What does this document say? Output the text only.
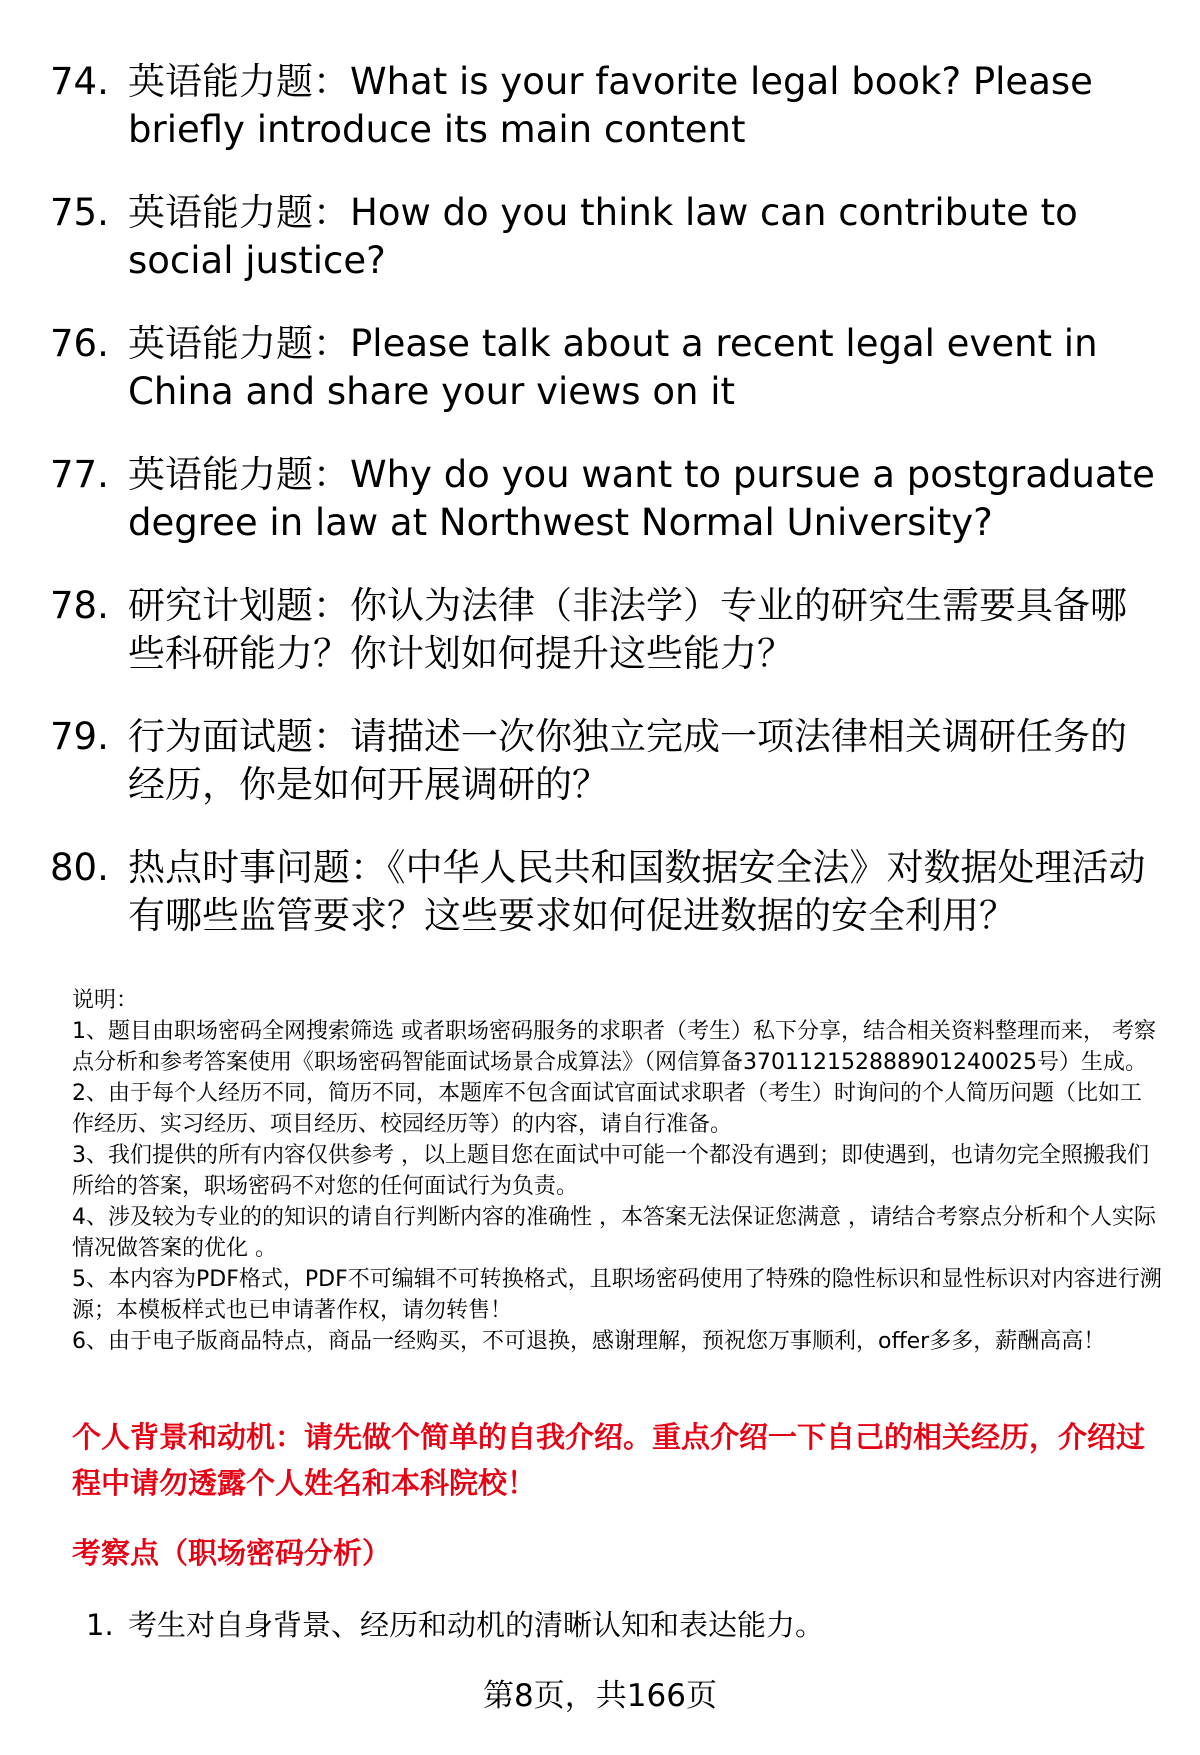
74. 英语能力题：What is your favorite legal book? Please briefly introduce its main content
75. 英语能力题：How do you think law can contribute to social justice?
76. 英语能力题：Please talk about a recent legal event in China and share your views on it
77. 英语能力题：Why do you want to pursue a postgraduate degree in law at Northwest Normal University?
78. 研究计划题：你认为法律（非法学）专业的研究生需要具备哪些科研能力？你计划如何提升这些能力？
79. 行为面试题：请描述一次你独立完成一项法律相关调研任务的经历，你是如何开展调研的？
80. 热点时事问题：《中华人民共和国数据安全法》对数据处理活动有哪些监管要求？这些要求如何促进数据的安全利用？
说明：
1、题目由职场密码全网搜索筛选 或者职场密码服务的求职者（考生）私下分享，结合相关资料整理而来， 考察点分析和参考答案使用《职场密码智能面试场景合成算法》（网信算备370112152888901240025号）生成。
2、由于每个人经历不同，简历不同，本题库不包含面试官面试求职者（考生）时询问的个人简历问题（比如工作经历、实习经历、项目经历、校园经历等）的内容，请自行准备。
3、我们提供的所有内容仅供参考 ，以上题目您在面试中可能一个都没有遇到；即使遇到，也请勿完全照搬我们所给的答案，职场密码不对您的任何面试行为负责。
4、涉及较为专业的的知识的请自行判断内容的准确性 ，本答案无法保证您满意 ，请结合考察点分析和个人实际情况做答案的优化 。
5、本内容为PDF格式，PDF不可编辑不可转换格式，且职场密码使用了特殊的隐性标识和显性标识对内容进行溯源；本模板样式也已申请著作权，请勿转售！
6、由于电子版商品特点，商品一经购买，不可退换，感谢理解，预祝您万事顺利，offer多多，薪酬高高！
个人背景和动机：请先做个简单的自我介绍。重点介绍一下自己的相关经历，介绍过程中请勿透露个人姓名和本科院校！
考察点（职场密码分析）
1. 考生对自身背景、经历和动机的清晰认知和表达能力。
第8页，共166页
